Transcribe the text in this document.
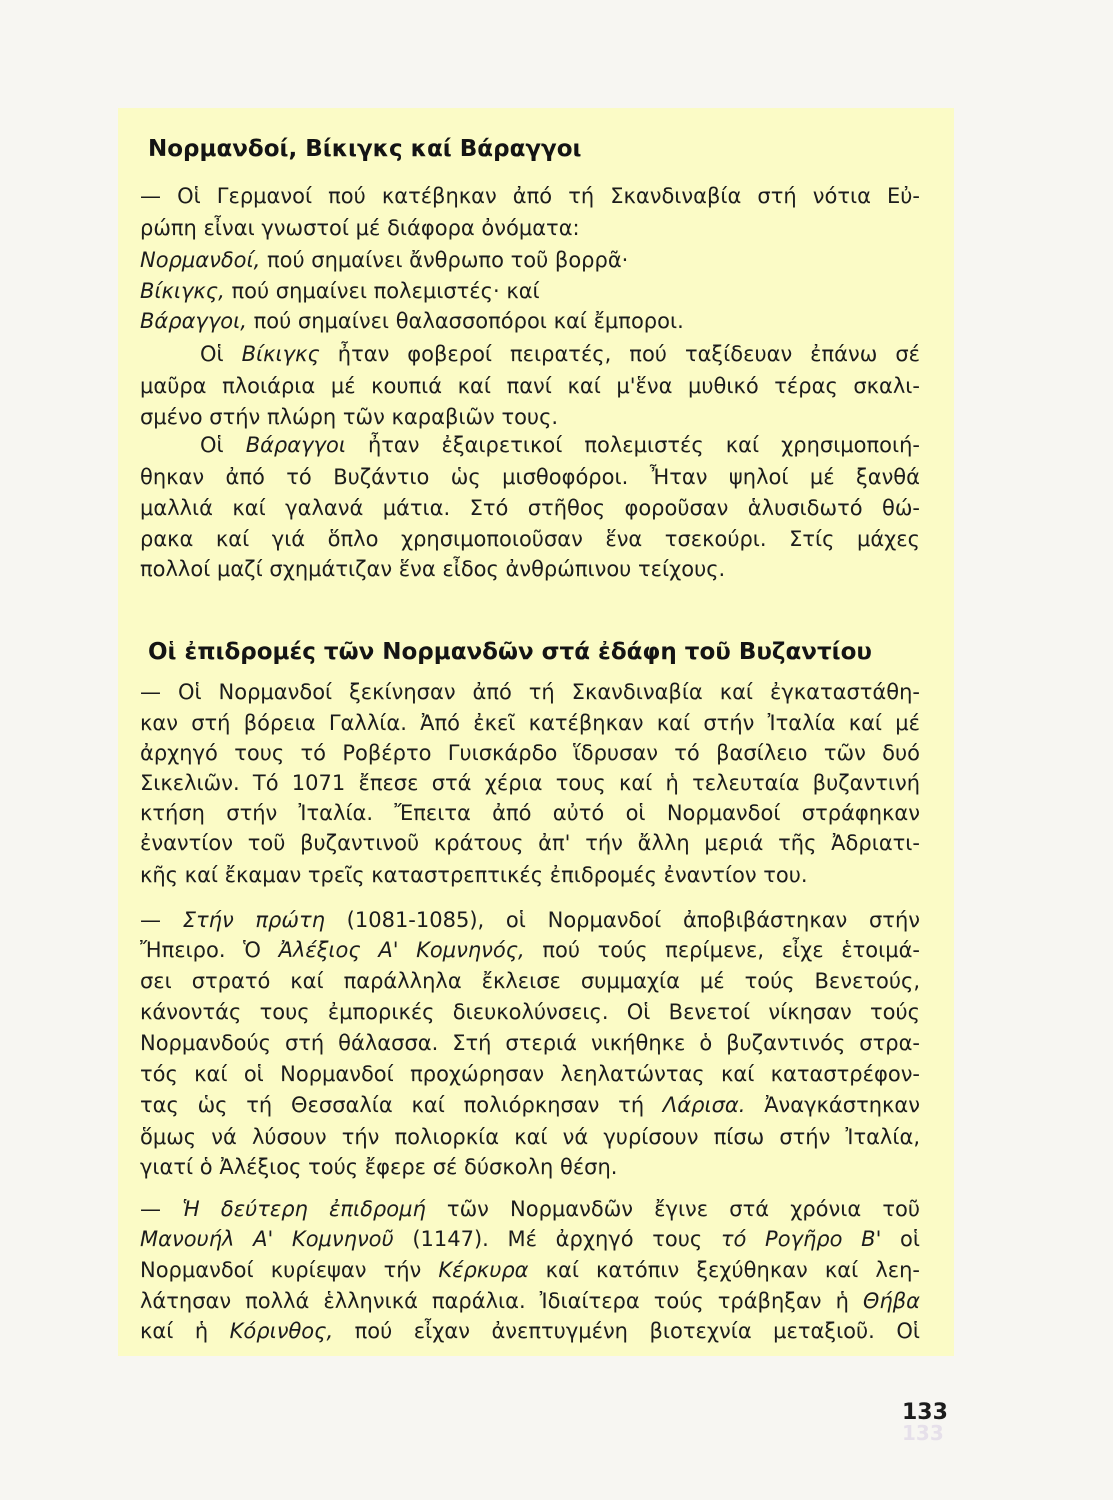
Νορμανδοί, Βίκιγκς καί Βάραγγοι

— Οἱ Γερμανοί πού κατέβηκαν ἀπό τή Σκανδιναβία στή νότια Εὐ-

ρώπη εἶναι γνωστοί μέ διάφορα ὀνόματα:

Νορμανδοί, πού σημαίνει ἄνθρωπο τοῦ βορρᾶ·

Βίκιγκς, πού σημαίνει πολεμιστές· καί

Βάραγγοι, πού σημαίνει θαλασσοπόροι καί ἔμποροι.

Οἱ Βίκιγκς ἦταν φοβεροί πειρατές, πού ταξίδευαν ἐπάνω σέ

μαῦρα πλοιάρια μέ κουπιά καί πανί καί μ'ἕνα μυθικό τέρας σκαλι-

σμένο στήν πλώρη τῶν καραβιῶν τους.

Οἱ Βάραγγοι ἦταν ἐξαιρετικοί πολεμιστές καί χρησιμοποιή-

θηκαν ἀπό τό Βυζάντιο ὡς μισθοφόροι. Ἦταν ψηλοί μέ ξανθά

μαλλιά καί γαλανά μάτια. Στό στῆθος φοροῦσαν ἁλυσιδωτό θώ-

ρακα καί γιά ὅπλο χρησιμοποιοῦσαν ἕνα τσεκούρι. Στίς μάχες

πολλοί μαζί σχημάτιζαν ἕνα εἶδος ἀνθρώπινου τείχους.

Οἱ ἐπιδρομές τῶν Νορμανδῶν στά ἐδάφη τοῦ Βυζαντίου

— Οἱ Νορμανδοί ξεκίνησαν ἀπό τή Σκανδιναβία καί ἐγκαταστάθη-

καν στή βόρεια Γαλλία. Ἀπό ἐκεῖ κατέβηκαν καί στήν Ἰταλία καί μέ

ἀρχηγό τους τό Ροβέρτο Γυισκάρδο ἵδρυσαν τό βασίλειο τῶν δυό

Σικελιῶν. Τό 1071 ἔπεσε στά χέρια τους καί ἡ τελευταία βυζαντινή

κτήση στήν Ἰταλία. Ἔπειτα ἀπό αὐτό οἱ Νορμανδοί στράφηκαν

ἐναντίον τοῦ βυζαντινοῦ κράτους ἀπ' τήν ἄλλη μεριά τῆς Ἀδριατι-

κῆς καί ἔκαμαν τρεῖς καταστρεπτικές ἐπιδρομές ἐναντίον του.

— Στήν πρώτη (1081-1085), οἱ Νορμανδοί ἀποβιβάστηκαν στήν

Ἤπειρο. Ὁ Ἀλέξιος Α' Κομνηνός, πού τούς περίμενε, εἶχε ἑτοιμά-

σει στρατό καί παράλληλα ἔκλεισε συμμαχία μέ τούς Βενετούς,

κάνοντάς τους ἐμπορικές διευκολύνσεις. Οἱ Βενετοί νίκησαν τούς

Νορμανδούς στή θάλασσα. Στή στεριά νικήθηκε ὁ βυζαντινός στρα-

τός καί οἱ Νορμανδοί προχώρησαν λεηλατώντας καί καταστρέφον-

τας ὡς τή Θεσσαλία καί πολιόρκησαν τή Λάρισα. Ἀναγκάστηκαν

ὅμως νά λύσουν τήν πολιορκία καί νά γυρίσουν πίσω στήν Ἰταλία,

γιατί ὁ Ἀλέξιος τούς ἔφερε σέ δύσκολη θέση.

— Ἡ δεύτερη ἐπιδρομή τῶν Νορμανδῶν ἔγινε στά χρόνια τοῦ

Μανουήλ Α' Κομνηνοῦ (1147). Μέ ἀρχηγό τους τό Ρογῆρο Β' οἱ

Νορμανδοί κυρίεψαν τήν Κέρκυρα καί κατόπιν ξεχύθηκαν καί λεη-

λάτησαν πολλά ἑλληνικά παράλια. Ἰδιαίτερα τούς τράβηξαν ἡ Θήβα

καί ἡ Κόρινθος, πού εἶχαν ἀνεπτυγμένη βιοτεχνία μεταξιοῦ. Οἱ

133
133
